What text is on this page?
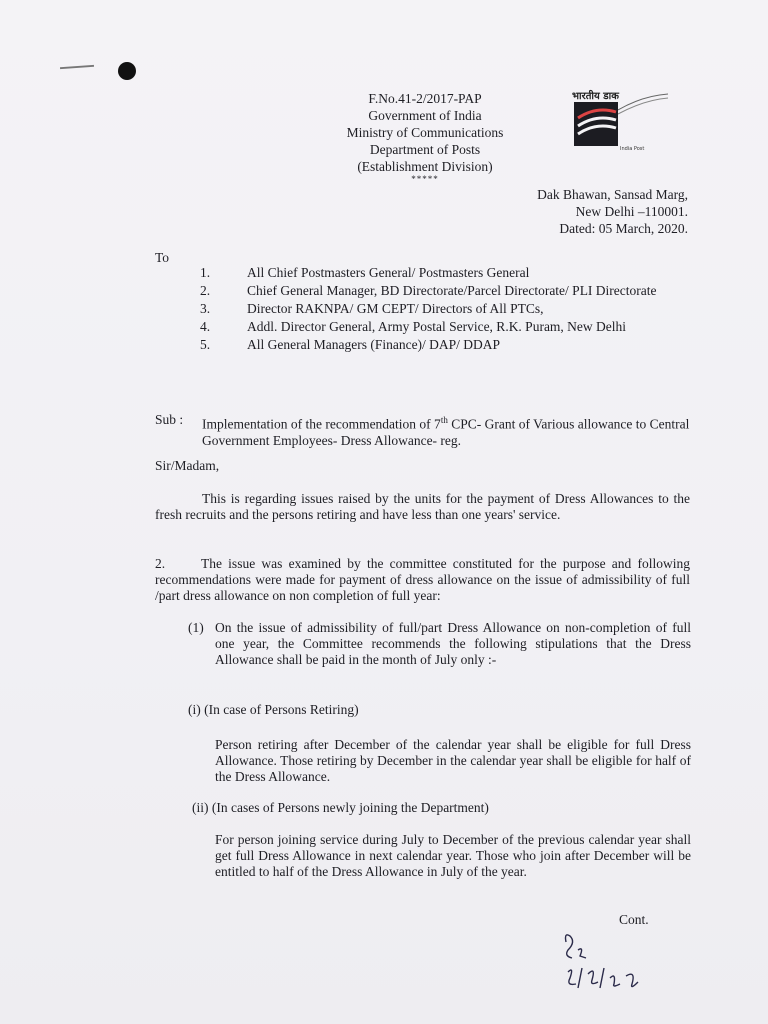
F.No.41-2/2017-PAP
Government of India
Ministry of Communications
Department of Posts
(Establishment Division)
*****
भारतीय डाक
India Post
Dak Bhawan, Sansad Marg,
New Delhi –110001.
Dated: 05 March, 2020.
To
1.	All Chief Postmasters General/ Postmasters General
2.	Chief General Manager, BD Directorate/Parcel Directorate/ PLI Directorate
3.	Director RAKNPA/ GM CEPT/ Directors of All PTCs,
4.	Addl. Director General, Army Postal Service, R.K. Puram, New Delhi
5.	All General Managers (Finance)/ DAP/ DDAP
Sub : Implementation of the recommendation of 7th CPC- Grant of Various allowance to Central Government Employees- Dress Allowance- reg.
Sir/Madam,
This is regarding issues raised by the units for the payment of Dress Allowances to the fresh recruits and the persons retiring and have less than one years' service.
2.	The issue was examined by the committee constituted for the purpose and following recommendations were made for payment of dress allowance on the issue of admissibility of full /part dress allowance on non completion of full year:
(1) On the issue of admissibility of full/part Dress Allowance on non-completion of full one year, the Committee recommends the following stipulations that the Dress Allowance shall be paid in the month of July only :-
(i) (In case of Persons Retiring)
Person retiring after December of the calendar year shall be eligible for full Dress Allowance. Those retiring by December in the calendar year shall be eligible for half of the Dress Allowance.
(ii) (In cases of Persons newly joining the Department)
For person joining service during July to December of the previous calendar year shall get full Dress Allowance in next calendar year. Those who join after December will be entitled to half of the Dress Allowance in July of the year.
Cont.
